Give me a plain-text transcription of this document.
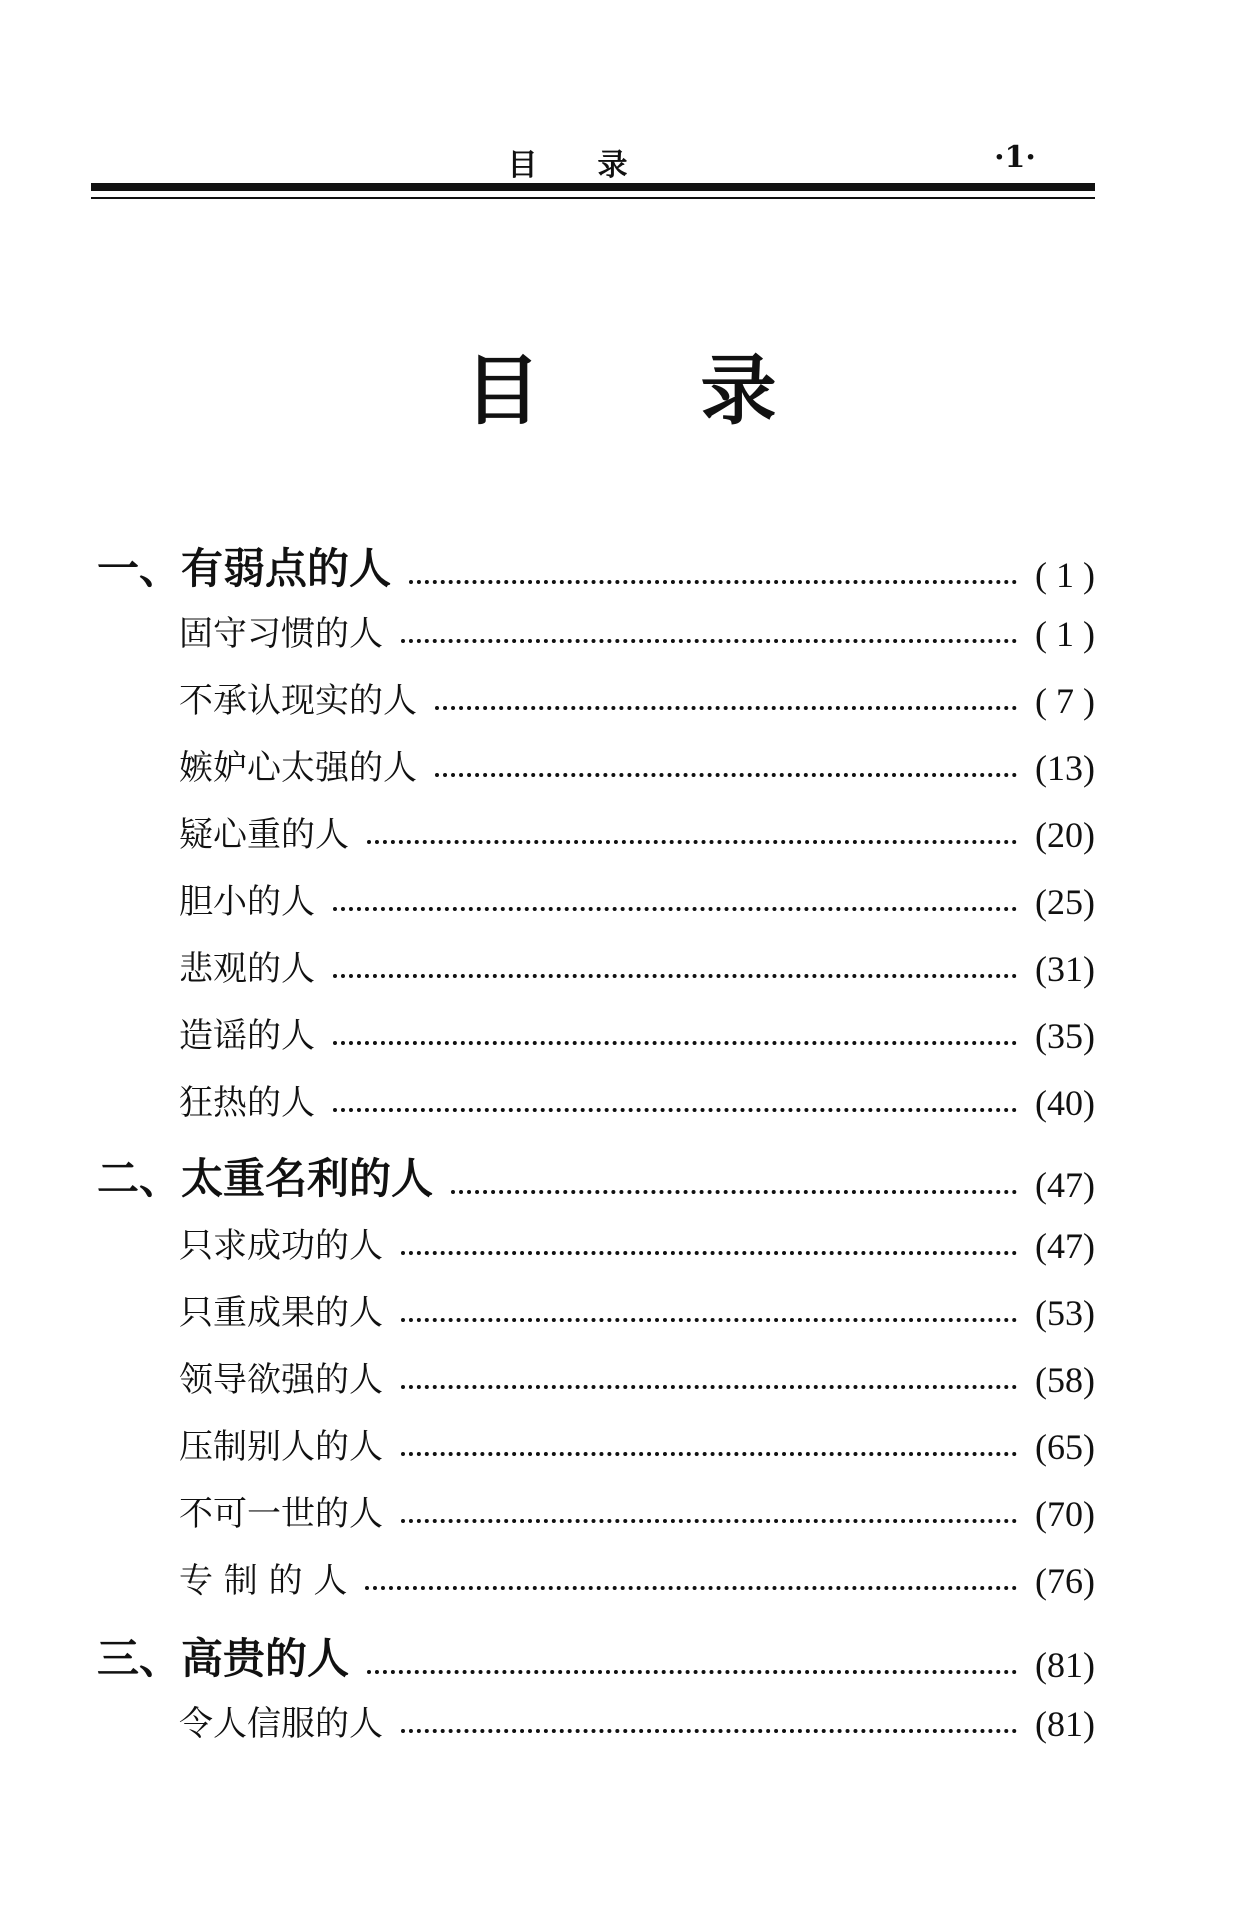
目录	·1·
目录
一、有弱点的人	( 1 )
固守习惯的人	( 1 )
不承认现实的人	( 7 )
嫉妒心太强的人	(13)
疑心重的人	(20)
胆小的人	(25)
悲观的人	(31)
造谣的人	(35)
狂热的人	(40)
二、太重名利的人	(47)
只求成功的人	(47)
只重成果的人	(53)
领导欲强的人	(58)
压制别人的人	(65)
不可一世的人	(70)
专 制 的 人	(76)
三、高贵的人	(81)
令人信服的人	(81)
